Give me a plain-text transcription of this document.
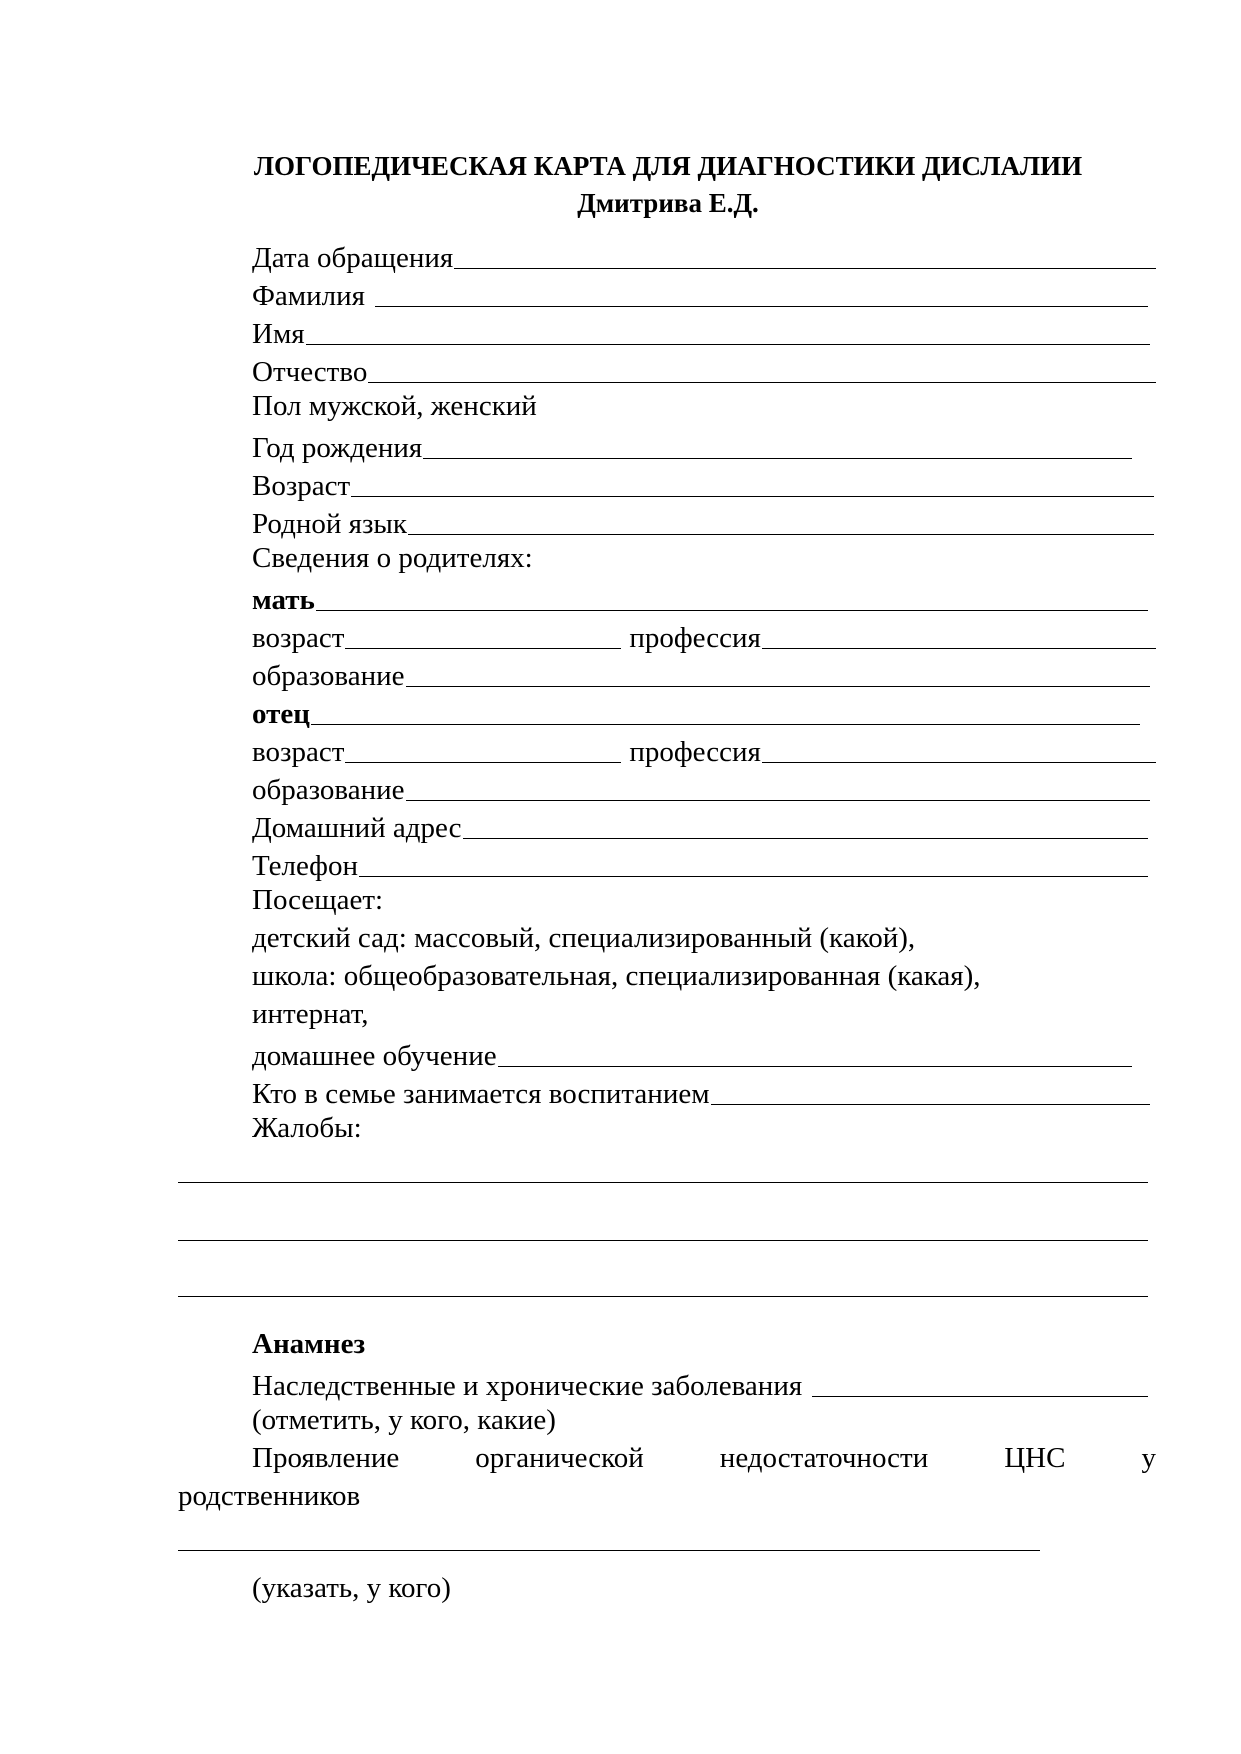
ЛОГОПЕДИЧЕСКАЯ КАРТА ДЛЯ ДИАГНОСТИКИ ДИСЛАЛИИ
Дмитрива Е.Д.
Дата обращения
Фамилия
Имя
Отчество
Пол мужской, женский
Год рождения
Возраст
Родной язык
Сведения о родителях:
мать
возраст	профессия
образование
отец
возраст	профессия
образование
Домашний адрес
Телефон
Посещает:
детский сад: массовый, специализированный (какой),
школа: общеобразовательная, специализированная (какая),
интернат,
домашнее обучение
Кто в семье занимается воспитанием
Жалобы:
Анамнез
Наследственные и хронические заболевания
(отметить, у кого, какие)
Проявление	органической	недостаточности	ЦНС	у
родственников
(указать, у кого)
